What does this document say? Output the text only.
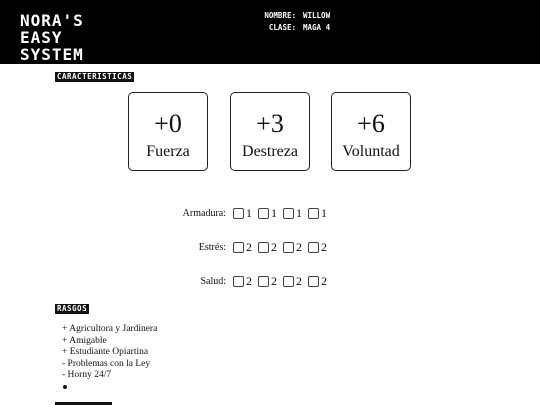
NORA'S EASY
SYSTEM
NOMBRE: WILLOW
CLASE: MAGA 4
CARACTERISTICAS
+0
Fuerza
+3
Destreza
+6
Voluntad
Armadura: 1 1 1 1
Estrés: 2 2 2 2
Salud: 2 2 2 2
RASGOS
+ Agricultora y Jardinera
+ Amigable
+ Estudiante Opiartina
- Problemas con la Ley
- Horny 24/7
